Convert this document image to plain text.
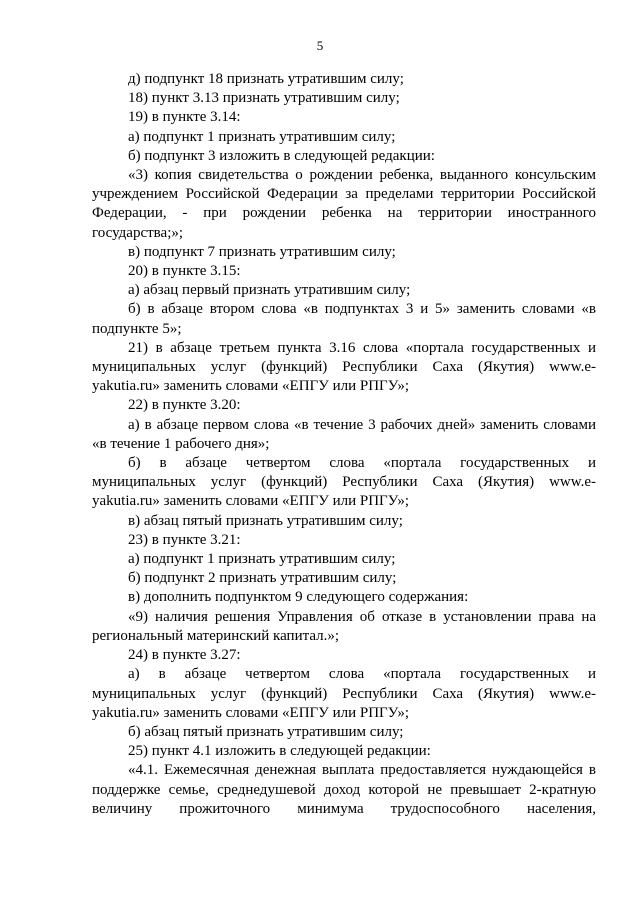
5

д) подпункт 18 признать утратившим силу;

18) пункт 3.13 признать утратившим силу;

19) в пункте 3.14:

а) подпункт 1 признать утратившим силу;

б) подпункт 3 изложить в следующей редакции:

«3) копия свидетельства о рождении ребенка, выданного консульским учреждением Российской Федерации за пределами территории Российской Федерации, - при рождении ребенка на территории иностранного государства;»;

в) подпункт 7 признать утратившим силу;

20) в пункте 3.15:

а) абзац первый признать утратившим силу;

б) в абзаце втором слова «в подпунктах 3 и 5» заменить словами «в подпункте 5»;

21) в абзаце третьем пункта 3.16 слова «портала государственных и муниципальных услуг (функций) Республики Саха (Якутия) www.e-yakutia.ru» заменить словами «ЕПГУ или РПГУ»;

22) в пункте 3.20:

а) в абзаце первом слова «в течение 3 рабочих дней» заменить словами «в течение 1 рабочего дня»;

б) в абзаце четвертом слова «портала государственных и муниципальных услуг (функций) Республики Саха (Якутия) www.e-yakutia.ru» заменить словами «ЕПГУ или РПГУ»;

в) абзац пятый признать утратившим силу;

23) в пункте 3.21:

а) подпункт 1 признать утратившим силу;

б) подпункт 2 признать утратившим силу;

в) дополнить подпунктом 9 следующего содержания:

«9) наличия решения Управления об отказе в установлении права на региональный материнский капитал.»;

24) в пункте 3.27:

а) в абзаце четвертом слова «портала государственных и муниципальных услуг (функций) Республики Саха (Якутия) www.e-yakutia.ru» заменить словами «ЕПГУ или РПГУ»;

б) абзац пятый признать утратившим силу;

25) пункт 4.1 изложить в следующей редакции:

«4.1. Ежемесячная денежная выплата предоставляется нуждающейся в поддержке семье, среднедушевой доход которой не превышает 2-кратную величину прожиточного минимума трудоспособного населения,
